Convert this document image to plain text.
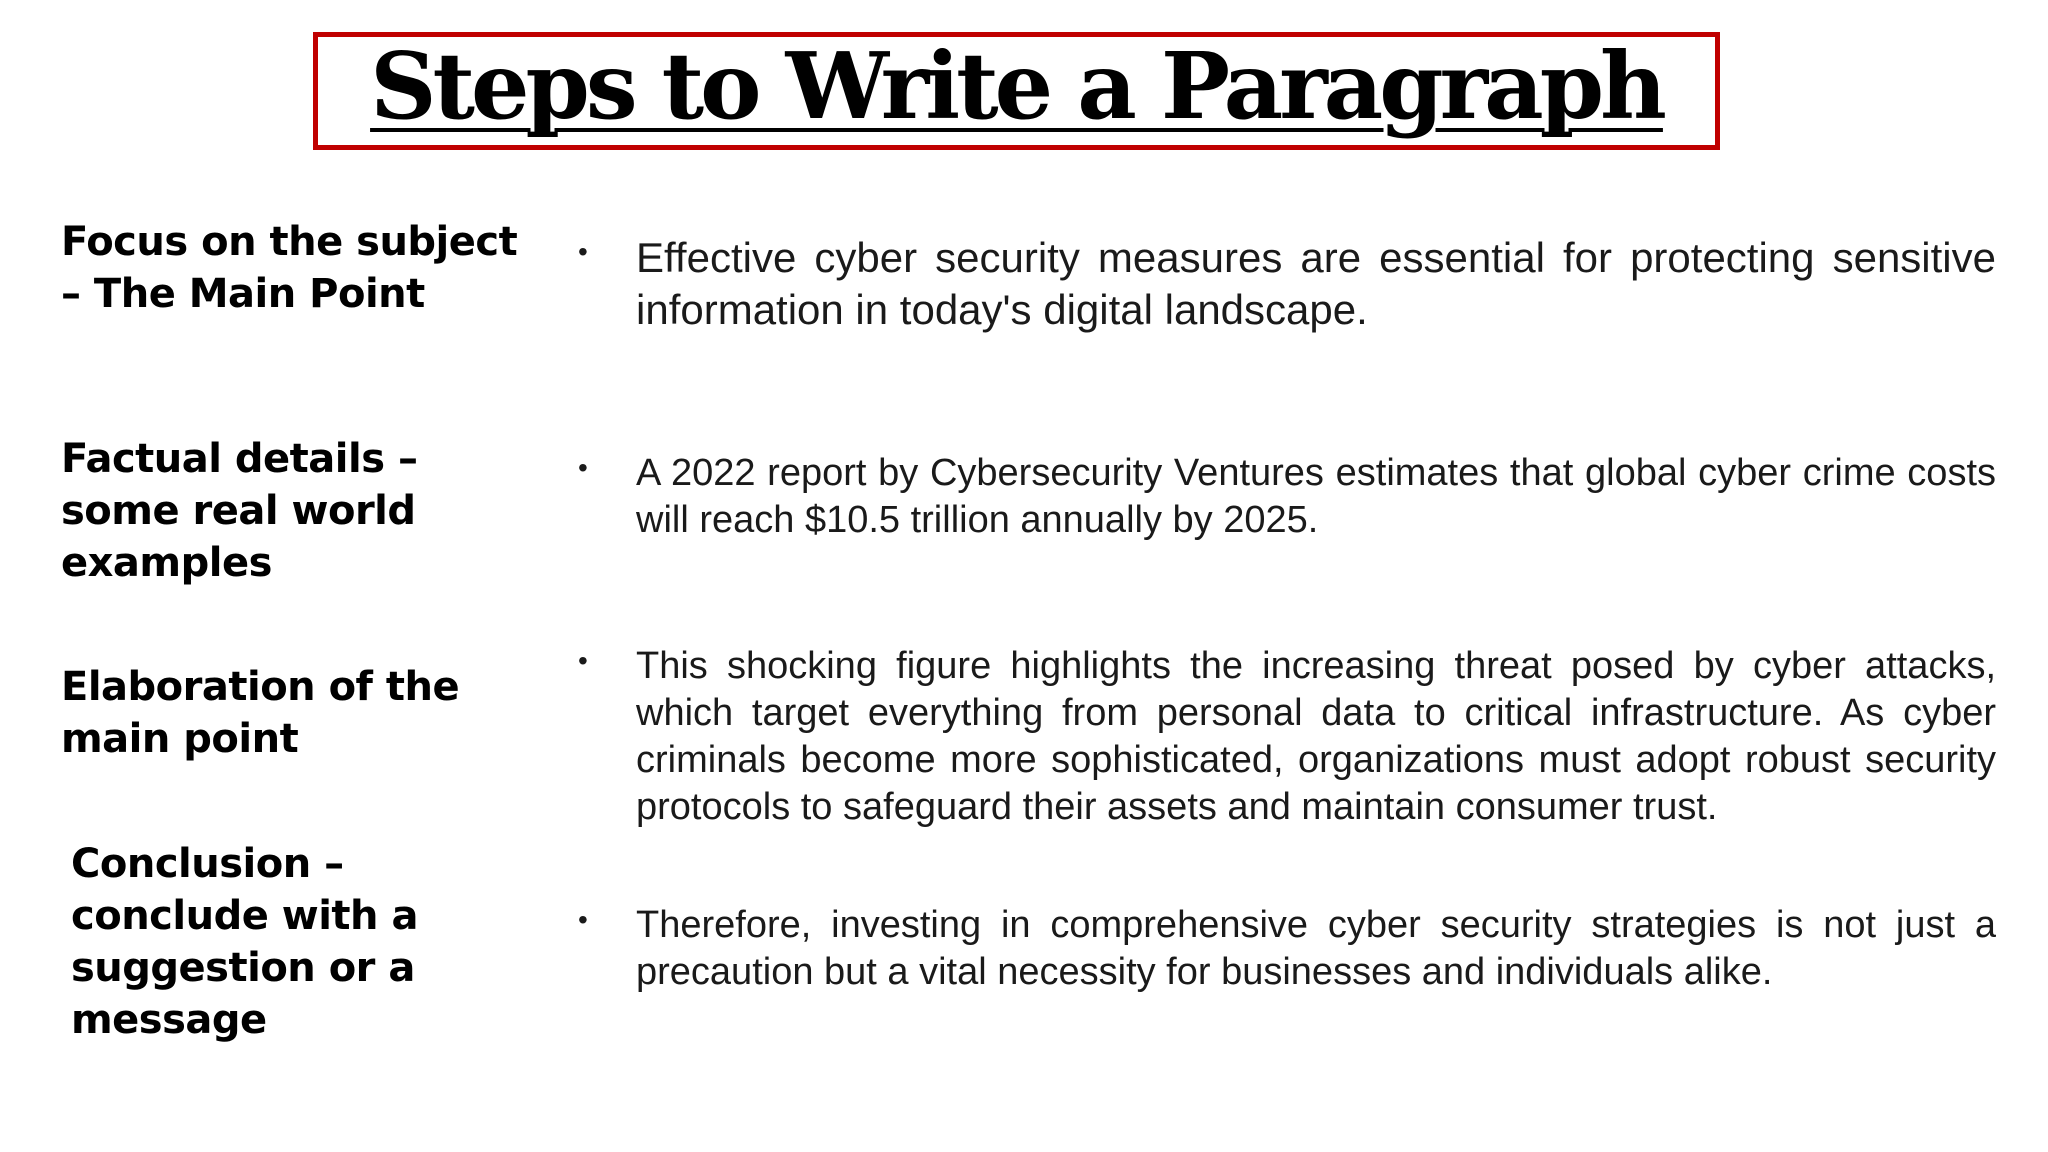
Steps to Write a Paragraph
Focus on the subject – The Main Point
• Effective cyber security measures are essential for protecting sensitive information in today's digital landscape.
Factual details – some real world examples
• A 2022 report by Cybersecurity Ventures estimates that global cyber crime costs will reach $10.5 trillion annually by 2025.
Elaboration of the main point
• This shocking figure highlights the increasing threat posed by cyber attacks, which target everything from personal data to critical infrastructure. As cyber criminals become more sophisticated, organizations must adopt robust security protocols to safeguard their assets and maintain consumer trust.
Conclusion – conclude with a suggestion or a message
• Therefore, investing in comprehensive cyber security strategies is not just a precaution but a vital necessity for businesses and individuals alike.
